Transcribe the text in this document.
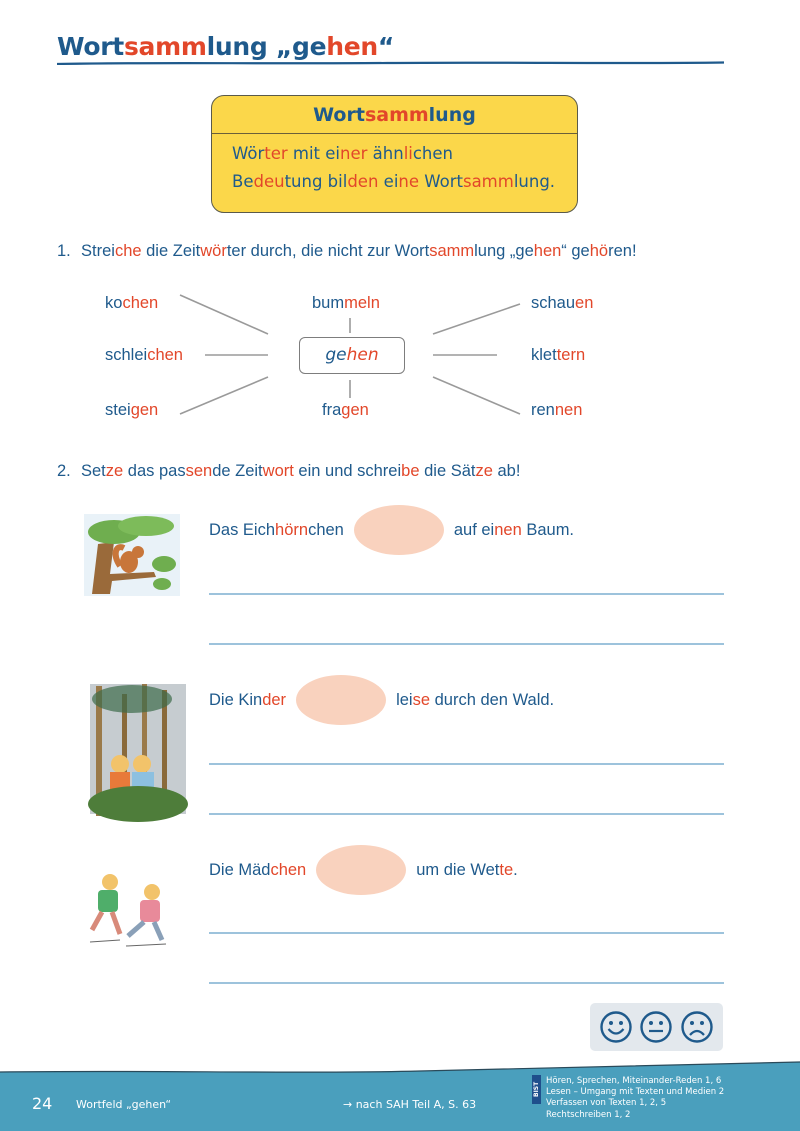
Wortsammlung „gehen“
Wortsammlung
Wörter mit einer ähnlichen
Bedeutung bilden eine Wortsammlung.
1. Streiche die Zeitwörter durch, die nicht zur Wortsammlung „gehen“ gehören!
gehen
kochen
schleichen
steigen
bummeln
fragen
schauen
klettern
rennen
2. Setze das passende Zeitwort ein und schreibe die Sätze ab!
Das Eichhörnchen	auf einen Baum.
Die Kinder	leise durch den Wald.
Die Mädchen	um die Wette.
24 Wortfeld „gehen“	→ nach SAH Teil A, S. 63
BIST
Hören, Sprechen, Miteinander-Reden 1, 6
Lesen – Umgang mit Texten und Medien 2
Verfassen von Texten 1, 2, 5
Rechtschreiben 1, 2
